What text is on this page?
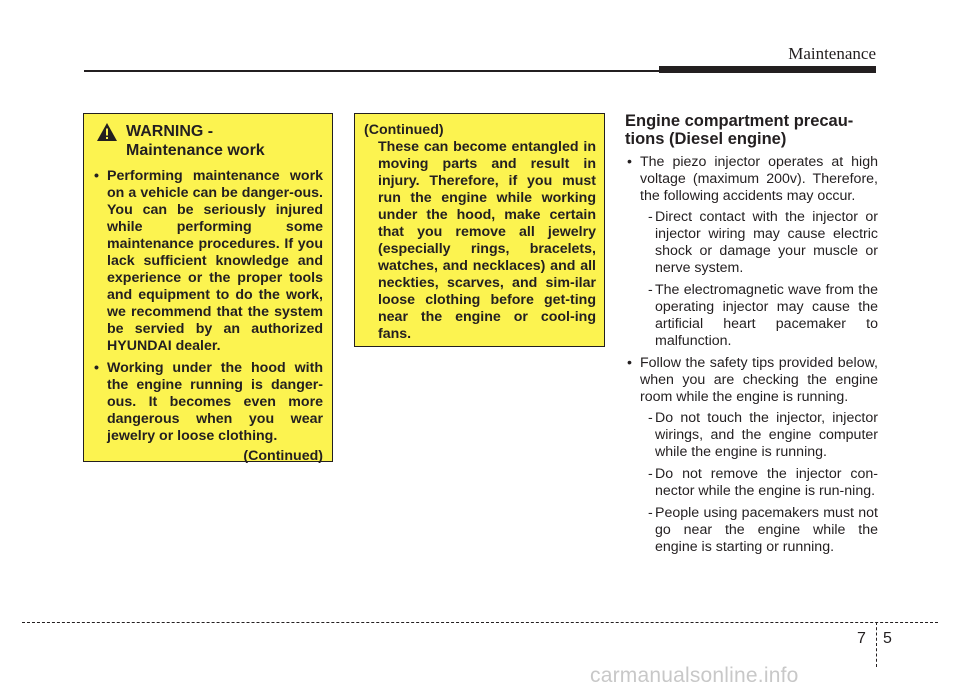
Maintenance
WARNING -
Maintenance work
• Performing maintenance work on a vehicle can be danger-ous. You can be seriously injured while performing some maintenance procedures. If you lack sufficient knowledge and experience or the proper tools and equipment to do the work, we recommend that the system be servied by an authorized HYUNDAI dealer.
• Working under the hood with the engine running is danger-ous. It becomes even more dangerous when you wear jewelry or loose clothing.
(Continued)
(Continued)
These can become entangled in moving parts and result in injury. Therefore, if you must run the engine while working under the hood, make certain that you remove all jewelry (especially rings, bracelets, watches, and necklaces) and all neckties, scarves, and sim-ilar loose clothing before get-ting near the engine or cool-ing fans.
Engine compartment precau-tions (Diesel engine)
• The piezo injector operates at high voltage (maximum 200v). Therefore, the following accidents may occur.
- Direct contact with the injector or injector wiring may cause electric shock or damage your muscle or nerve system.
- The electromagnetic wave from the operating injector may cause the artificial heart pacemaker to malfunction.
• Follow the safety tips provided below, when you are checking the engine room while the engine is running.
- Do not touch the injector, injector wirings, and the engine computer while the engine is running.
- Do not remove the injector con-nector while the engine is run-ning.
- People using pacemakers must not go near the engine while the engine is starting or running.
7 5
carmanualsonline.info
